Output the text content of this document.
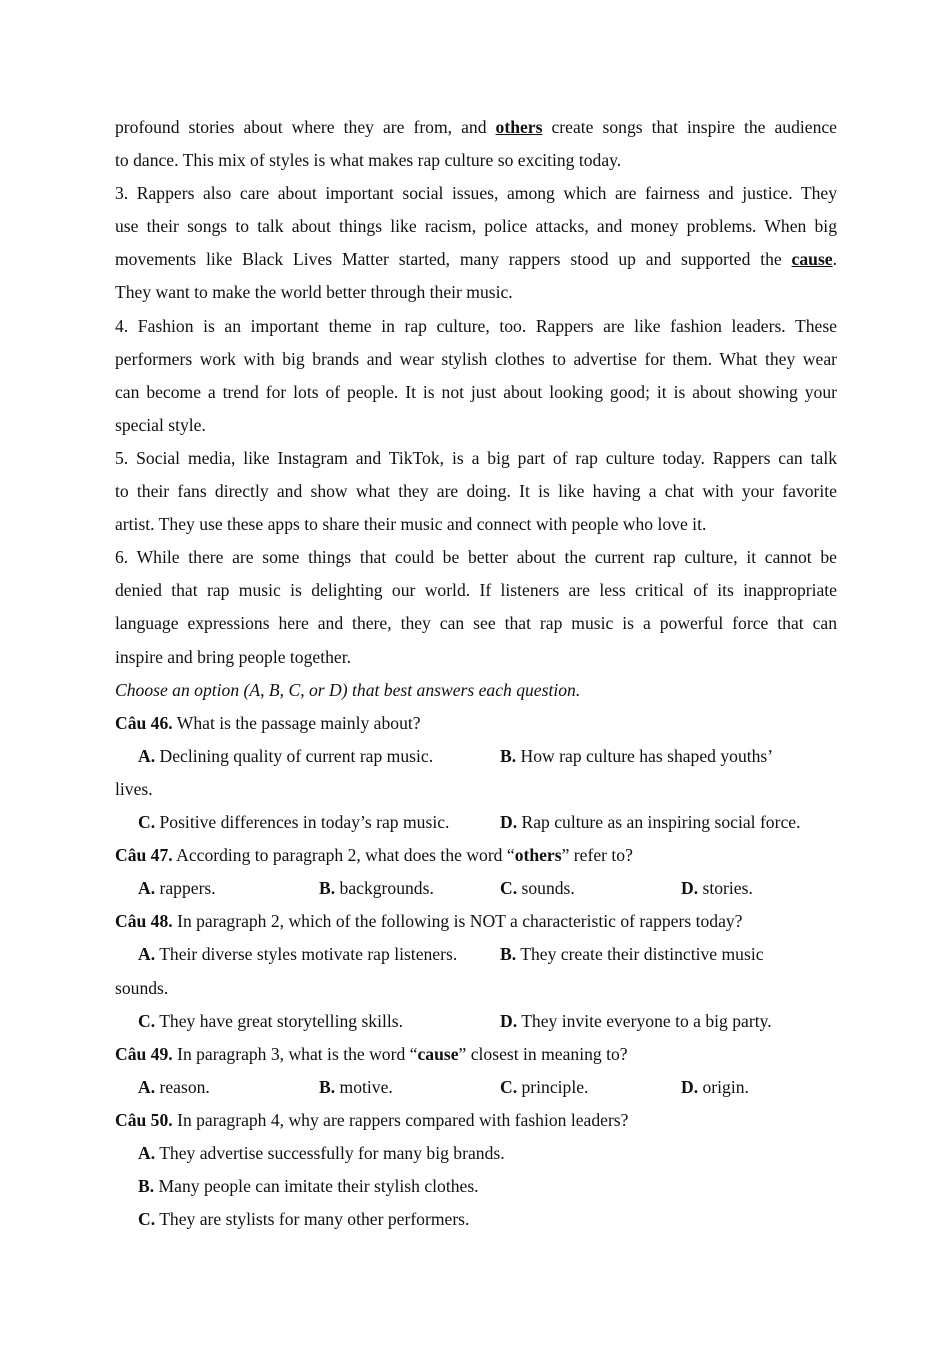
profound stories about where they are from, and others create songs that inspire the audience
to dance. This mix of styles is what makes rap culture so exciting today.
3. Rappers also care about important social issues, among which are fairness and justice. They
use their songs to talk about things like racism, police attacks, and money problems. When big
movements like Black Lives Matter started, many rappers stood up and supported the cause.
They want to make the world better through their music.
4. Fashion is an important theme in rap culture, too. Rappers are like fashion leaders. These
performers work with big brands and wear stylish clothes to advertise for them. What they wear
can become a trend for lots of people. It is not just about looking good; it is about showing your
special style.
5. Social media, like Instagram and TikTok, is a big part of rap culture today. Rappers can talk
to their fans directly and show what they are doing. It is like having a chat with your favorite
artist. They use these apps to share their music and connect with people who love it.
6. While there are some things that could be better about the current rap culture, it cannot be
denied that rap music is delighting our world. If listeners are less critical of its inappropriate
language expressions here and there, they can see that rap music is a powerful force that can
inspire and bring people together.
Choose an option (A, B, C, or D) that best answers each question.
Câu 46. What is the passage mainly about?
A. Declining quality of current rap music.	B. How rap culture has shaped youths’
lives.
C. Positive differences in today’s rap music.	D. Rap culture as an inspiring social force.
Câu 47. According to paragraph 2, what does the word “others” refer to?
A. rappers.	B. backgrounds.	C. sounds.	D. stories.
Câu 48. In paragraph 2, which of the following is NOT a characteristic of rappers today?
A. Their diverse styles motivate rap listeners. B. They create their distinctive music
sounds.
C. They have great storytelling skills.	D. They invite everyone to a big party.
Câu 49. In paragraph 3, what is the word “cause” closest in meaning to?
A. reason.	B. motive.	C. principle.	D. origin.
Câu 50. In paragraph 4, why are rappers compared with fashion leaders?
A. They advertise successfully for many big brands.
B. Many people can imitate their stylish clothes.
C. They are stylists for many other performers.
